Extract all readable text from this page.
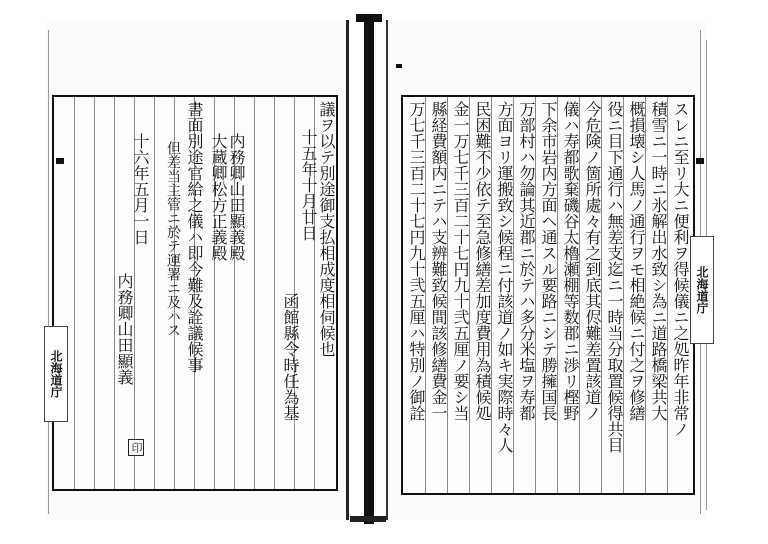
議ヲ以テ別途御支払相成度相伺候也
十五年十月廿日
函館縣令時任為基
内務卿山田顯義殿
大蔵卿松方正義殿
書面別途官給之儀ハ即今難及詮議候事
但差当主管ニ於テ運署ニ及ハス
十六年五月一日
内務卿山田顯義
印
北海道庁	スレニ至リ大ニ便利ヲ得候儀ニ之処昨年非常ノ
積雪ニ一時ニ氷解出水致シ為ニ道路橋梁共大
概損壊シ人馬ノ通行ヲモ相絶候ニ付之ヲ修繕
役ニ目下通行ハ無差支迄ニ一時当分取置候得共目
今危険ノ箇所處々有之到底其侭難差置該道ノ
儀ハ寿都歌棄磯谷太櫓瀬棚等数郡ニ渉リ樫野
下余市岩内方面ヘ通スル要路ニシテ勝擁国長
万部村ハ勿論其近郡ニ於テハ多分米塩ヲ寿都
方面ヨリ運搬致シ候程ニ付該道ノ如キ実際時々人
民困難不少依テ至急修繕差加度費用為積候処
金一万七千三百二十七円九十弐五厘ノ要シ当
縣経費額内ニテハ支辨難致候間該修繕費金一
万七千三百二十七円九十弐五厘ハ特別ノ御詮	北海道庁
